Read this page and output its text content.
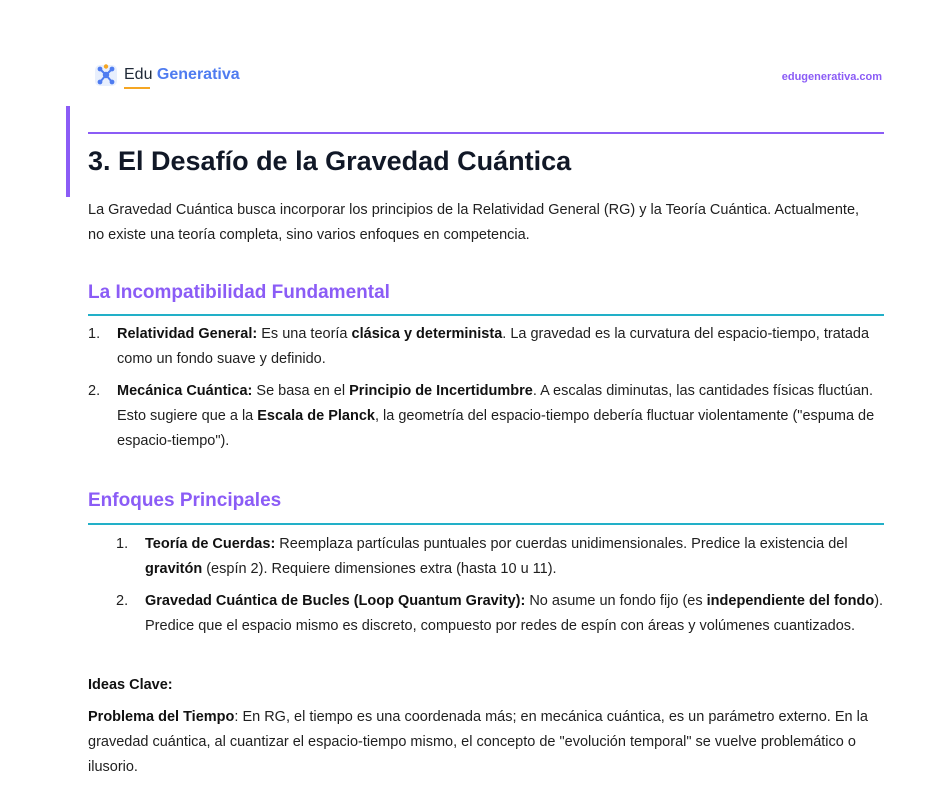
Edu Generativa	edugenerativa.com
3. El Desafío de la Gravedad Cuántica

La Gravedad Cuántica busca incorporar los principios de la Relatividad General (RG) y la Teoría Cuántica. Actualmente, no existe una teoría completa, sino varios enfoques en competencia.

La Incompatibilidad Fundamental
1. Relatividad General: Es una teoría clásica y determinista. La gravedad es la curvatura del espacio-tiempo, tratada como un fondo suave y definido.
2. Mecánica Cuántica: Se basa en el Principio de Incertidumbre. A escalas diminutas, las cantidades físicas fluctúan. Esto sugiere que a la Escala de Planck, la geometría del espacio-tiempo debería fluctuar violentamente ("espuma de espacio-tiempo").
Enfoques Principales
1. Teoría de Cuerdas: Reemplaza partículas puntuales por cuerdas unidimensionales. Predice la existencia del gravitón (espín 2). Requiere dimensiones extra (hasta 10 u 11).
2. Gravedad Cuántica de Bucles (Loop Quantum Gravity): No asume un fondo fijo (es independiente del fondo). Predice que el espacio mismo es discreto, compuesto por redes de espín con áreas y volúmenes cuantizados.

Ideas Clave:

Problema del Tiempo: En RG, el tiempo es una coordenada más; en mecánica cuántica, es un parámetro externo. En la gravedad cuántica, al cuantizar el espacio-tiempo mismo, el concepto de "evolución temporal" se vuelve problemático o ilusorio.
